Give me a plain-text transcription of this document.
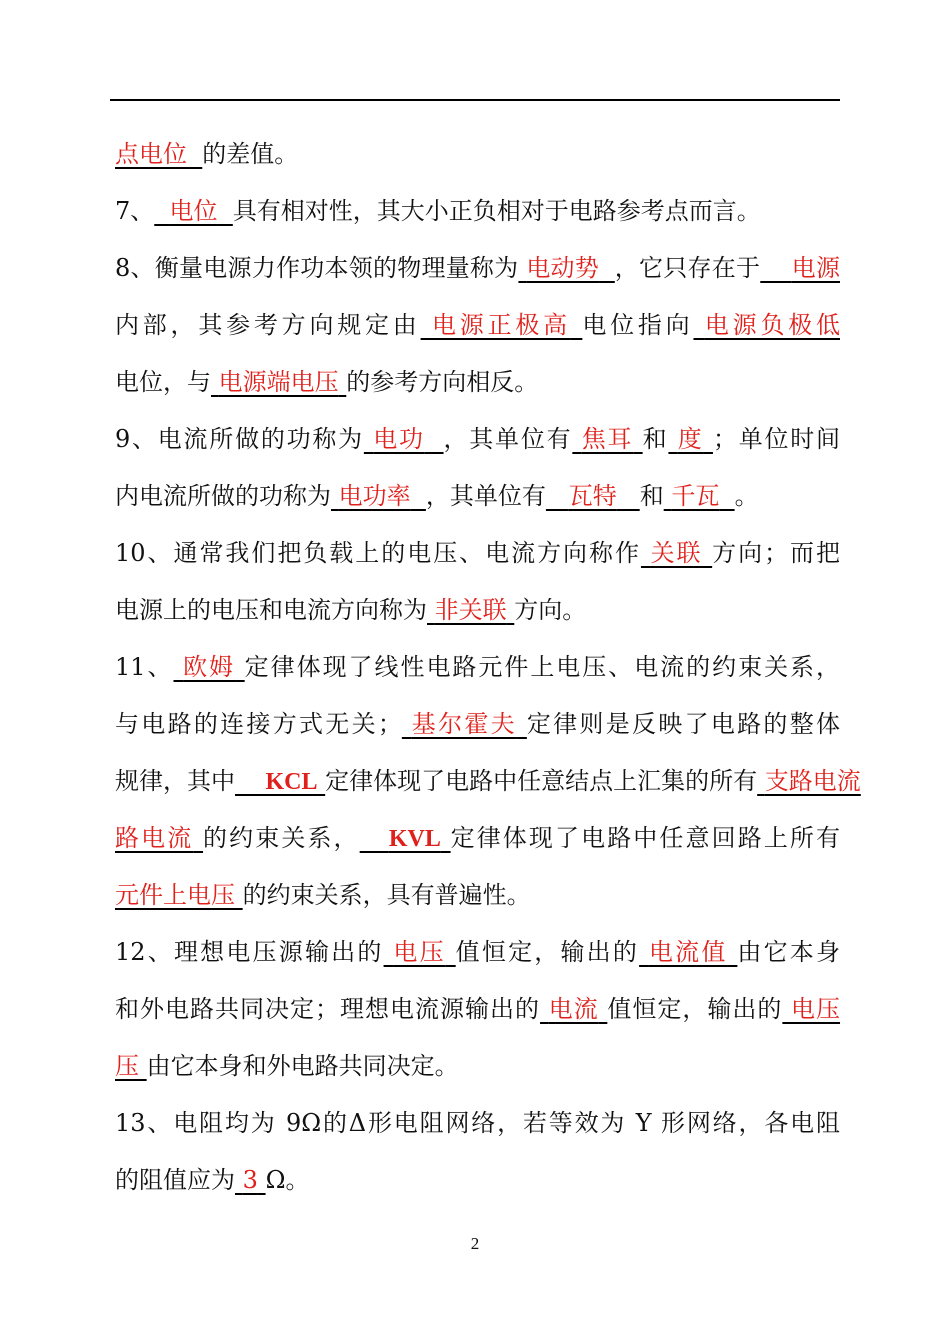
点电位 的差值。
7、 电位 具有相对性，其大小正负相对于电路参考点而言。
8、衡量电源力作功本领的物理量称为 电动势 ，它只存在于 电源
内部，其参考方向规定由 电源正极高 电位指向 电源负极低
电位，与 电源端电压 的参考方向相反。
9、电流所做的功称为 电功 ，其单位有 焦耳 和 度 ；单位时间
内电流所做的功称为 电功率 ，其单位有 瓦特 和 千瓦 。
10、通常我们把负载上的电压、电流方向称作 关联 方向；而把
电源上的电压和电流方向称为 非关联 方向。
11、 欧姆 定律体现了线性电路元件上电压、电流的约束关系，
与电路的连接方式无关； 基尔霍夫 定律则是反映了电路的整体
规律，其中 KCL 定律体现了电路中任意结点上汇集的所有 支路电流
路电流 的约束关系， KVL 定律体现了电路中任意回路上所有
元件上电压 的约束关系，具有普遍性。
12、理想电压源输出的 电压 值恒定，输出的 电流值 由它本身
和外电路共同决定；理想电流源输出的 电流 值恒定，输出的 电压
压 由它本身和外电路共同决定。
13、电阻均为 9Ω的Δ形电阻网络，若等效为 Y 形网络，各电阻
的阻值应为 3 Ω。
2
